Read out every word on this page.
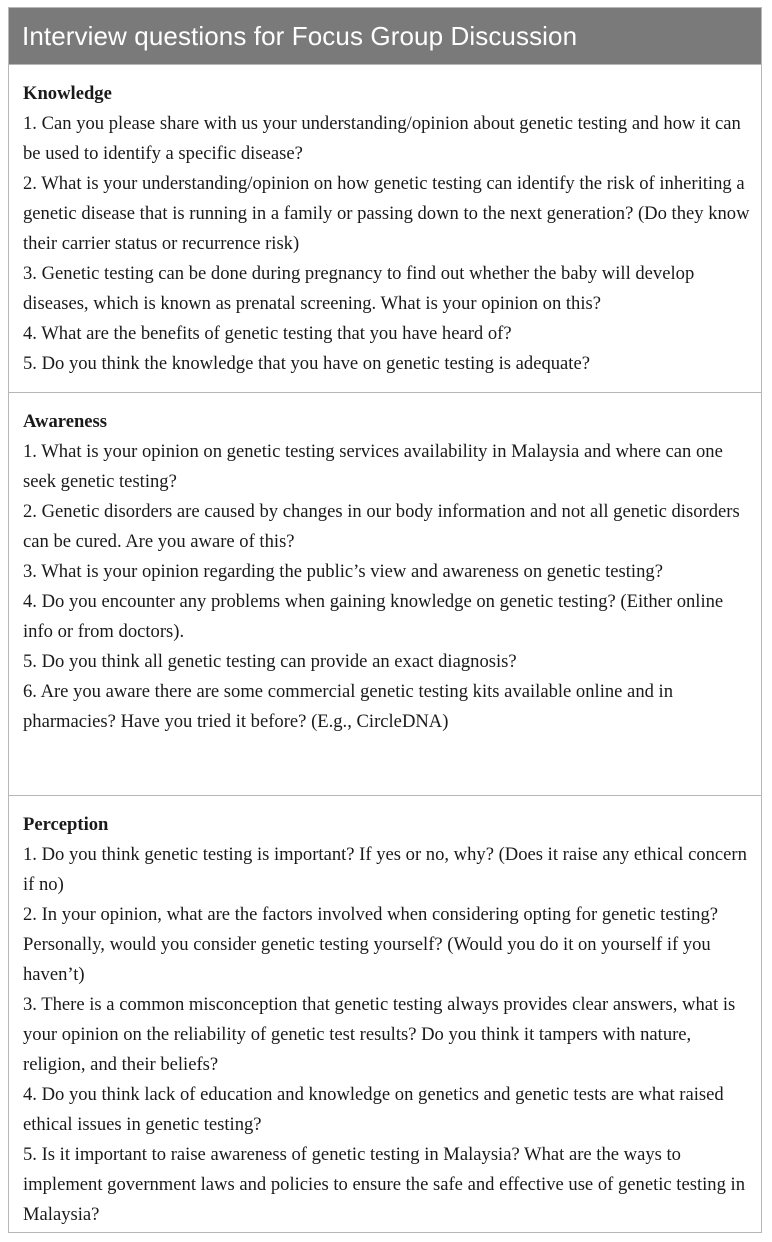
Interview questions for Focus Group Discussion

Knowledge

1. Can you please share with us your understanding/opinion about genetic testing and how it can be used to identify a specific disease?

2. What is your understanding/opinion on how genetic testing can identify the risk of inheriting a genetic disease that is running in a family or passing down to the next generation? (Do they know their carrier status or recurrence risk)

3. Genetic testing can be done during pregnancy to find out whether the baby will develop diseases, which is known as prenatal screening. What is your opinion on this?

4. What are the benefits of genetic testing that you have heard of?

5. Do you think the knowledge that you have on genetic testing is adequate?

Awareness

1. What is your opinion on genetic testing services availability in Malaysia and where can one seek genetic testing?

2. Genetic disorders are caused by changes in our body information and not all genetic disorders can be cured. Are you aware of this?

3. What is your opinion regarding the public’s view and awareness on genetic testing?

4. Do you encounter any problems when gaining knowledge on genetic testing? (Either online info or from doctors).

5. Do you think all genetic testing can provide an exact diagnosis?

6. Are you aware there are some commercial genetic testing kits available online and in pharmacies? Have you tried it before? (E.g., CircleDNA)

Perception

1. Do you think genetic testing is important? If yes or no, why? (Does it raise any ethical concern if no)

2. In your opinion, what are the factors involved when considering opting for genetic testing? Personally, would you consider genetic testing yourself? (Would you do it on yourself if you haven’t)

3. There is a common misconception that genetic testing always provides clear answers, what is your opinion on the reliability of genetic test results? Do you think it tampers with nature, religion, and their beliefs?

4. Do you think lack of education and knowledge on genetics and genetic tests are what raised ethical issues in genetic testing?

5. Is it important to raise awareness of genetic testing in Malaysia? What are the ways to implement government laws and policies to ensure the safe and effective use of genetic testing in Malaysia?
